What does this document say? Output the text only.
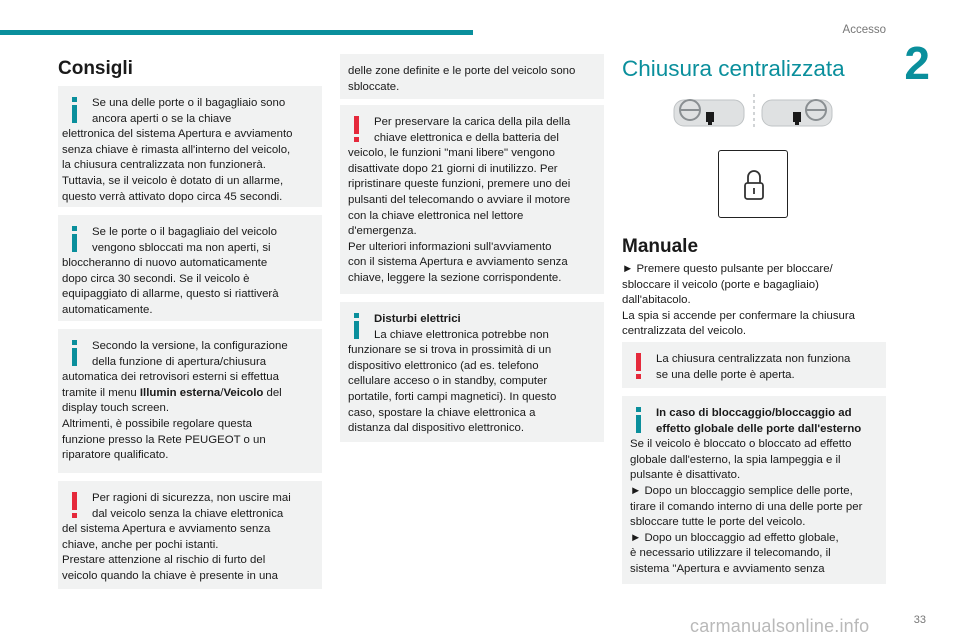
Accesso
2
Consigli
Se una delle porte o il bagagliaio sono
ancora aperti o se la chiave
elettronica del sistema Apertura e avviamento
senza chiave è rimasta all'interno del veicolo,
la chiusura centralizzata non funzionerà.
Tuttavia, se il veicolo è dotato di un allarme,
questo verrà attivato dopo circa 45 secondi.
Se le porte o il bagagliaio del veicolo
vengono sbloccati ma non aperti, si
bloccheranno di nuovo automaticamente
dopo circa 30 secondi. Se il veicolo è
equipaggiato di allarme, questo si riattiverà
automaticamente.
Secondo la versione, la configurazione
della funzione di apertura/chiusura
automatica dei retrovisori esterni si effettua
tramite il menu Illumin esterna/Veicolo del
display touch screen.
Altrimenti, è possibile regolare questa
funzione presso la Rete PEUGEOT o un
riparatore qualificato.
Per ragioni di sicurezza, non uscire mai
dal veicolo senza la chiave elettronica
del sistema Apertura e avviamento senza
chiave, anche per pochi istanti.
Prestare attenzione al rischio di furto del
veicolo quando la chiave è presente in una
delle zone definite e le porte del veicolo sono
sbloccate.
Per preservare la carica della pila della
chiave elettronica e della batteria del
veicolo, le funzioni "mani libere" vengono
disattivate dopo 21 giorni di inutilizzo. Per
ripristinare queste funzioni, premere uno dei
pulsanti del telecomando o avviare il motore
con la chiave elettronica nel lettore
d'emergenza.
Per ulteriori informazioni sull'avviamento
con il sistema Apertura e avviamento senza
chiave, leggere la sezione corrispondente.
Disturbi elettrici
La chiave elettronica potrebbe non
funzionare se si trova in prossimità di un
dispositivo elettronico (ad es. telefono
cellulare acceso o in standby, computer
portatile, forti campi magnetici). In questo
caso, spostare la chiave elettronica a
distanza dal dispositivo elettronico.
Chiusura centralizzata
Manuale
► Premere questo pulsante per bloccare/
sbloccare il veicolo (porte e bagagliaio)
dall'abitacolo.
La spia si accende per confermare la chiusura
centralizzata del veicolo.
La chiusura centralizzata non funziona
se una delle porte è aperta.
In caso di bloccaggio/bloccaggio ad
effetto globale delle porte dall'esterno
Se il veicolo è bloccato o bloccato ad effetto
globale dall'esterno, la spia lampeggia e il
pulsante è disattivato.
► Dopo un bloccaggio semplice delle porte,
tirare il comando interno di una delle porte per
sbloccare tutte le porte del veicolo.
► Dopo un bloccaggio ad effetto globale,
è necessario utilizzare il telecomando, il
sistema "Apertura e avviamento senza
carmanualsonline.info	33
